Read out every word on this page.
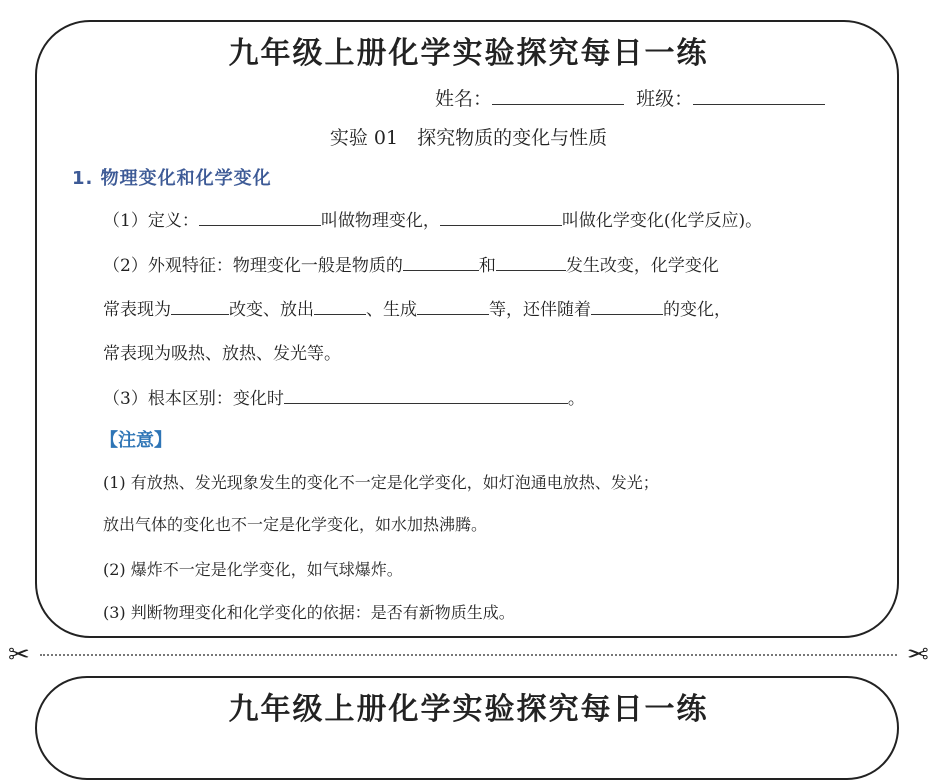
九年级上册化学实验探究每日一练
姓名：	班级：
实验 01　探究物质的变化与性质
1. 物理变化和化学变化
（1）定义：	叫做物理变化，	叫做化学变化(化学反应)。
（2）外观特征：物理变化一般是物质的	和	发生改变，化学变化
常表现为	改变、放出	、生成	等，还伴随着	的变化，
常表现为吸热、放热、发光等。
（3）根本区别：变化时	。
【注意】
(1) 有放热、发光现象发生的变化不一定是化学变化，如灯泡通电放热、发光；
放出气体的变化也不一定是化学变化，如水加热沸腾。
(2) 爆炸不一定是化学变化，如气球爆炸。
(3) 判断物理变化和化学变化的依据：是否有新物质生成。
✂	✂
九年级上册化学实验探究每日一练
